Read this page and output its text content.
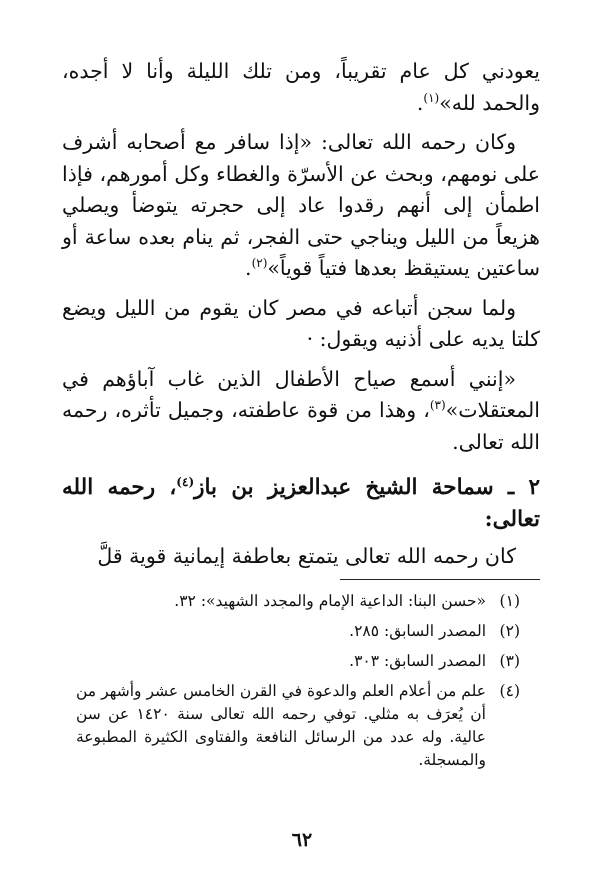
يعودني كل عام تقريباً، ومن تلك الليلة وأنا لا أجده، والحمد لله»$^{(١)}$.

وكان رحمه الله تعالى: «إذا سافر مع أصحابه أشرف على نومهم، وبحث عن الأسرّة والغطاء وكل أمورهم، فإذا اطمأن إلى أنهم رقدوا عاد إلى حجرته يتوضأ ويصلي هزيعاً من الليل ويناجي حتى الفجر، ثم ينام بعده ساعة أو ساعتين يستيقظ بعدها فتياً قوياً»$^{(٢)}$.

ولما سجن أتباعه في مصر كان يقوم من الليل ويضع كلتا يديه على أذنيه ويقول: ·

«إنني أسمع صياح الأطفال الذين غاب آباؤهم في المعتقلات»$^{(٣)}$، وهذا من قوة عاطفته، وجميل تأثره، رحمه الله تعالى.

٢ ـ سماحة الشيخ عبدالعزيز بن باز$^{(٤)}$، رحمه الله تعالى:

كان رحمه الله تعالى يتمتع بعاطفة إيمانية قوية قلَّ

(١)
«حسن البنا: الداعية الإمام والمجدد الشهيد»: ٣٢.
(٢)
المصدر السابق: ٢٨٥.
(٣)
المصدر السابق: ٣٠٣.
(٤)
علم من أعلام العلم والدعوة في القرن الخامس عشر وأشهر من أن يُعرَف به مثلي. توفي رحمه الله تعالى سنة ١٤٢٠ عن سن عالية. وله عدد من الرسائل النافعة والفتاوى الكثيرة المطبوعة والمسجلة.
٦٢
